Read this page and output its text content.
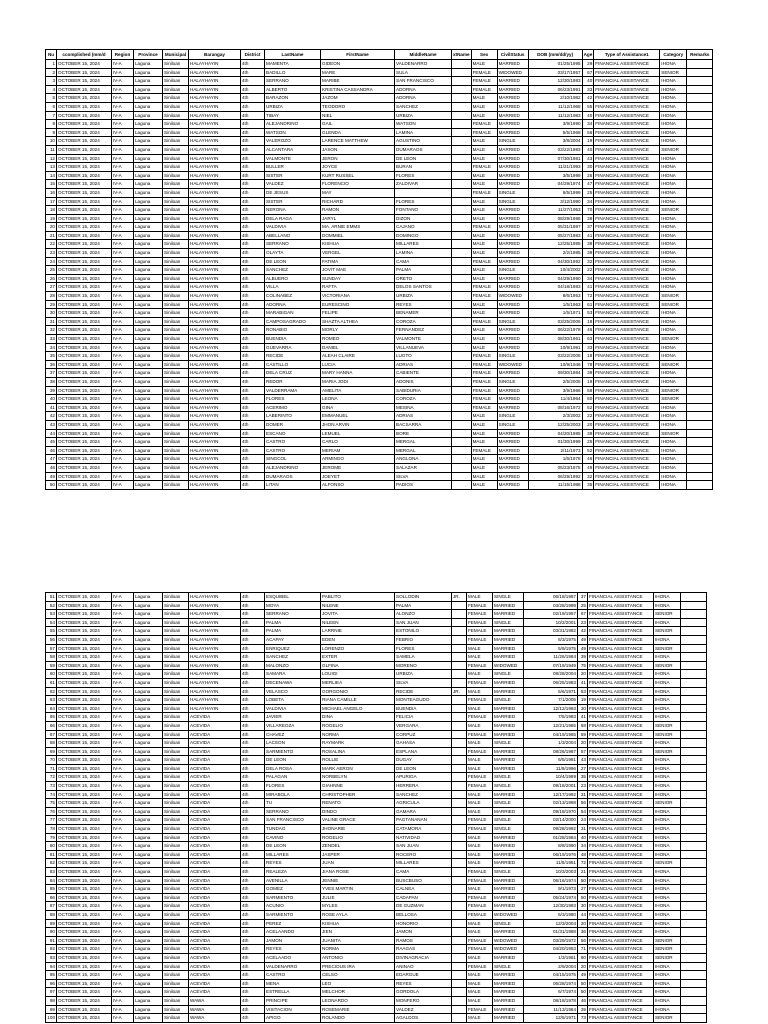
Nu	ccomplished (mm/d	Region	Province	Municipal	Barangay	District	LastName	FirstName	MiddleName	xtName	Sex	CivilStatus	DOB (mm/dd/yy)	Age	Type of Assistance1	Category	Remarks
1	OCTOBER 15, 2024	IV-A	Laguna	Siniloan	HALAYHAYIN	4th	MAMENTA	GIDEON	VALDENARRO		MALE	MARRIED	01/25/1995	29	FINANCIAL ASSISTANCE	IHONA	
2	OCTOBER 15, 2024	IV-A	Laguna	Siniloan	HALAYHAYIN	4th	BADILLO	MARE	SULA		FEMALE	WIDOWED	03/17/1957	67	FINANCIAL ASSISTANCE	SENIOR	
3	OCTOBER 15, 2024	IV-A	Laguna	Siniloan	HALAYHAYIN	4th	SERRANO	MARIBE	SAN FRANCISCO		FEMALE	MARRIED	12/30/1983	40	FINANCIAL ASSISTANCE	IHONA	
4	OCTOBER 15, 2024	IV-A	Laguna	Siniloan	HALAYHAYIN	4th	ALBERTO	KRISTINA CASSANDRA	ADORNA		FEMALE	MARRIED	06/23/1991	33	FINANCIAL ASSISTANCE	IHONA	
5	OCTOBER 15, 2024	IV-A	Laguna	Siniloan	HALAYHAYIN	4th	BARAZON	JAZOM	ADORNA		MALE	MARRIED	2/10/1982	42	FINANCIAL ASSISTANCE	IHONA	
6	OCTOBER 15, 2024	IV-A	Laguna	Siniloan	HALAYHAYIN	4th	URBIZA	TEODORO	SANCHEZ		MALE	MARRIED	11/12/1968	55	FINANCIAL ASSISTANCE	IHONA	
7	OCTOBER 15, 2024	IV-A	Laguna	Siniloan	HALAYHAYIN	4th	TIBAY	NIEL	URBIZA		MALE	MARRIED	11/12/1983	40	FINANCIAL ASSISTANCE	IHONA	
8	OCTOBER 15, 2024	IV-A	Laguna	Siniloan	HALAYHAYIN	4th	ALEJANDRINO	GAIL	WATSON		FEMALE	MARRIED	3/9/1990	34	FINANCIAL ASSISTANCE	IHONA	
9	OCTOBER 15, 2024	IV-A	Laguna	Siniloan	HALAYHAYIN	4th	WATSON	GLENDA	LAMINA		FEMALE	MARRIED	5/5/1968	56	FINANCIAL ASSISTANCE	IHONA	
10	OCTOBER 15, 2024	IV-A	Laguna	Siniloan	HALAYHAYIN	4th	VALEROZO	LARENCE MATTHEW	AGUSTINO		MALE	SINGLE	3/8/2004	19	FINANCIAL ASSISTANCE	IHONA	
11	OCTOBER 15, 2024	IV-A	Laguna	Siniloan	HALAYHAYIN	4th	ALCANTARA	JASON	DUMARAOS		MALE	MARRIED	03/22/1983	40	FINANCIAL ASSISTANCE	SENIOR	
12	OCTOBER 15, 2024	IV-A	Laguna	Siniloan	HALAYHAYIN	4th	VALMONTE	JERON	DE LEON		MALE	MARRIED	07/30/1981	43	FINANCIAL ASSISTANCE	IHONA	
13	OCTOBER 15, 2024	IV-A	Laguna	Siniloan	HALAYHAYIN	4th	BULLER	JOYCE	BURAN		FEMALE	MARRIED	11/21/1993	30	FINANCIAL ASSISTANCE	IHONA	
14	OCTOBER 15, 2024	IV-A	Laguna	Siniloan	HALAYHAYIN	4th	SISTER	KURT RUSSEL	FLORES		MALE	MARRIED	3/5/1999	25	FINANCIAL ASSISTANCE	IHONA	
15	OCTOBER 15, 2024	IV-A	Laguna	Siniloan	HALAYHAYIN	4th	VALDEZ	FLORENCIO	ZALDIVAR		MALE	MARRIED	04/29/1974	47	FINANCIAL ASSISTANCE	IHONA	
16	OCTOBER 15, 2024	IV-A	Laguna	Siniloan	HALAYHAYIN	4th	DE JESUS	MAY			FEMALE	SINGLE	6/5/1999	25	FINANCIAL ASSISTANCE	IHONA	
17	OCTOBER 15, 2024	IV-A	Laguna	Siniloan	HALAYHAYIN	4th	SISTER	RICHARD	FLORES		MALE	SINGLE	3/12/1990	34	FINANCIAL ASSISTANCE	IHONA	
18	OCTOBER 15, 2024	IV-A	Laguna	Siniloan	HALAYHAYIN	4th	NERONA	RAMON	FONTANO		MALE	MARRIED	11/27/1953	70	FINANCIAL ASSISTANCE	SENIOR	
19	OCTOBER 15, 2024	IV-A	Laguna	Siniloan	HALAYHAYIN	4th	DELA RAGA	JARYL	DIZON		MALE	MARRIED	08/29/1986	38	FINANCIAL ASSISTANCE	IHONA	
20	OCTOBER 15, 2024	IV-A	Laguna	Siniloan	HALAYHAYIN	4th	VALDIVIA	MA. ARNIE EMMS	CAJANO		FEMALE	MARRIED	05/31/1987	37	FINANCIAL ASSISTANCE	IHONA	
21	OCTOBER 15, 2024	IV-A	Laguna	Siniloan	HALAYHAYIN	4th	ABELLANO	DOMMIEL	DOMINGO		MALE	MARRIED	05/27/1983	41	FINANCIAL ASSISTANCE	IHONA	
22	OCTOBER 15, 2024	IV-A	Laguna	Siniloan	HALAYHAYIN	4th	SERRANO	KISHUA	MILLARES		MALE	MARRIED	12/25/1985	38	FINANCIAL ASSISTANCE	IHONA	
23	OCTOBER 15, 2024	IV-A	Laguna	Siniloan	HALAYHAYIN	4th	OLAYTA	VERGEL	LAMINA		MALE	MARRIED	2/2/1985	39	FINANCIAL ASSISTANCE	IHONA	
24	OCTOBER 15, 2024	IV-A	Laguna	Siniloan	HALAYHAYIN	4th	DE LEON	FATIMA	CAMA		FEMALE	MARRIED	04/30/1992	32	FINANCIAL ASSISTANCE	IHONA	
25	OCTOBER 15, 2024	IV-A	Laguna	Siniloan	HALAYHAYIN	4th	SANCHEZ	JOVIT MAE	PALMA		MALE	SINGLE	10/4/2002	22	FINANCIAL ASSISTANCE	IHONA	
26	OCTOBER 15, 2024	IV-A	Laguna	Siniloan	HALAYHAYIN	4th	ALBUERO	SUNDAY	ORETO		MALE	MARRIED	04/29/1990	34	FINANCIAL ASSISTANCE	IHONA	
27	OCTOBER 15, 2024	IV-A	Laguna	Siniloan	HALAYHAYIN	4th	VILLA	RAFTA	DELOS SANTOS		FEMALE	MARRIED	04/18/1983	41	FINANCIAL ASSISTANCE	IHONA	
28	OCTOBER 15, 2024	IV-A	Laguna	Siniloan	HALAYHAYIN	4th	COLINABEZ	VICTORIANA	URBIZA		FEMALE	WIDOWED	8/6/1953	72	FINANCIAL ASSISTANCE	SENIOR	
29	OCTOBER 15, 2024	IV-A	Laguna	Siniloan	HALAYHAYIN	4th	ADORNA	EURESCINO	REYES		MALE	MARRIED	1/5/1963	61	FINANCIAL ASSISTANCE	SENIOR	
30	OCTOBER 15, 2024	IV-A	Laguna	Siniloan	HALAYHAYIN	4th	MARABIGAN	FELIPE	BENAMER		MALE	MARRIED	1/5/1971	53	FINANCIAL ASSISTANCE	IHONA	
31	OCTOBER 15, 2024	IV-A	Laguna	Siniloan	HALAYHAYIN	4th	CAMPOSAGRADO	SHAZTA ALTHEA	COROZA		FEMALE	SINGLE	03/25/2006	18	FINANCIAL ASSISTANCE	IHONA	
32	OCTOBER 15, 2024	IV-A	Laguna	Siniloan	HALAYHAYIN	4th	RONABIO	MORLY	FERNANDEZ		MALE	MARRIED	06/22/1978	46	FINANCIAL ASSISTANCE	IHONA	
33	OCTOBER 15, 2024	IV-A	Laguna	Siniloan	HALAYHAYIN	4th	BUENDIA	ROMEO	VALMONTE		MALE	MARRIED	08/30/1961	63	FINANCIAL ASSISTANCE	SENIOR	
34	OCTOBER 15, 2024	IV-A	Laguna	Siniloan	HALAYHAYIN	4th	GUEVARRA	DANIEL	VILLANUEVA		MALE	MARRIED	10/9/1991	33	FINANCIAL ASSISTANCE	IHONA	
35	OCTOBER 15, 2024	IV-A	Laguna	Siniloan	HALAYHAYIN	4th	RECIDE	ALEAH CLAIRE	LUGTO		FEMALE	SINGLE	03/22/2006	18	FINANCIAL ASSISTANCE	IHONA	
36	OCTOBER 15, 2024	IV-A	Laguna	Siniloan	HALAYHAYIN	4th	CASTILLO	LUCIA	ADRIAS		FEMALE	WIDOWED	10/9/1946	78	FINANCIAL ASSISTANCE	SENIOR	
37	OCTOBER 15, 2024	IV-A	Laguna	Siniloan	HALAYHAYIN	4th	DELA CRUZ	MARY HANNA	CABIENTE		FEMALE	MARRIED	09/30/1984	39	FINANCIAL ASSISTANCE	IHONA	
38	OCTOBER 15, 2024	IV-A	Laguna	Siniloan	HALAYHAYIN	4th	REDOR	MARIA JODI	ADONIS		FEMALE	SINGLE	2/5/2005	19	FINANCIAL ASSISTANCE	IHONA	
39	OCTOBER 15, 2024	IV-A	Laguna	Siniloan	HALAYHAYIN	4th	VALDERRAMA	AMELITA	SABIDURIA		FEMALE	MARRIED	3/9/1966	58	FINANCIAL ASSISTANCE	SENIOR	
40	OCTOBER 15, 2024	IV-A	Laguna	Siniloan	HALAYHAYIN	4th	FLORES	LEONA	COROZA		FEMALE	MARRIED	11/4/1964	60	FINANCIAL ASSISTANCE	SENIOR	
41	OCTOBER 15, 2024	IV-A	Laguna	Siniloan	HALAYHAYIN	4th	ACERIMO	GINA	MESINA		FEMALE	MARRIED	08/16/1972	52	FINANCIAL ASSISTANCE	IHONA	
42	OCTOBER 15, 2024	IV-A	Laguna	Siniloan	HALAYHAYIN	4th	LABERINTO	EMMANUEL	ADRIAS		MALE	SINGLE	2/3/2002	22	FINANCIAL ASSISTANCE	IHONA	
43	OCTOBER 15, 2024	IV-A	Laguna	Siniloan	HALAYHAYIN	4th	DOMER	JHON ARVIN	BACSARRA		MALE	SINGLE	12/25/2003	20	FINANCIAL ASSISTANCE	IHONA	
44	OCTOBER 15, 2024	IV-A	Laguna	Siniloan	HALAYHAYIN	4th	ESCANO	LEMUEL	BORE		MALE	MARRIED	04/20/1985	39	FINANCIAL ASSISTANCE	SENIOR	
45	OCTOBER 15, 2024	IV-A	Laguna	Siniloan	HALAYHAYIN	4th	CASTRO	CARLO	MERGAL		MALE	MARRIED	01/30/1999	25	FINANCIAL ASSISTANCE	IHONA	
46	OCTOBER 15, 2024	IV-A	Laguna	Siniloan	HALAYHAYIN	4th	CASTRO	MERIAM	MERGAL		FEMALE	MARRIED	2/11/1973	52	FINANCIAL ASSISTANCE	IHONA	
47	OCTOBER 15, 2024	IV-A	Laguna	Siniloan	HALAYHAYIN	4th	SINGCOL	ARMINGO	ANGLONA		MALE	MARRIED	1/6/1978	46	FINANCIAL ASSISTANCE	IHONA	
48	OCTOBER 15, 2024	IV-A	Laguna	Siniloan	HALAYHAYIN	4th	ALEJANDRINO	JEROME	SALAZAR		MALE	MARRIED	05/23/1975	49	FINANCIAL ASSISTANCE	IHONA	
49	OCTOBER 15, 2024	IV-A	Laguna	Siniloan	HALAYHAYIN	4th	DUMARAOS	JOEYET	SILVA		MALE	MARRIED	06/29/1992	32	FINANCIAL ASSISTANCE	IHONA	
50	OCTOBER 15, 2024	IV-A	Laguna	Siniloan	HALAYHAYIN	4th	LITAN	ALFONSO	PADIOS		MALE	MARRIED	11/15/1988	35	FINANCIAL ASSISTANCE	IHONA	
51	OCTOBER 15, 2024	IV-A	Laguna	Siniloan	HALAYHAYIN	4th	ESQUIBEL	PABLITO	SOLLODIN	JR.	MALE	SINGLE	06/18/1987	37	FINANCIAL ASSISTANCE	IHONA	
52	OCTOBER 15, 2024	IV-A	Laguna	Siniloan	HALAYHAYIN	4th	MOYA	NILENE	PALMA		FEMALE	MARRIED	03/28/1999	25	FINANCIAL ASSISTANCE	IHONA	
53	OCTOBER 15, 2024	IV-A	Laguna	Siniloan	HALAYHAYIN	4th	SERRANO	JOVITA	ALONZO		FEMALE	MARRIED	02/19/1957	67	FINANCIAL ASSISTANCE	SENIOR	
54	OCTOBER 15, 2024	IV-A	Laguna	Siniloan	HALAYHAYIN	4th	PALMA	NILEEN	SAN JUAN		FEMALE	SINGLE	10/2/2001	23	FINANCIAL ASSISTANCE	IHONA	
55	OCTOBER 15, 2024	IV-A	Laguna	Siniloan	HALAYHAYIN	4th	PALMA	LARRNIE	ESTONILO		FEMALE	MARRIED	03/31/1982	42	FINANCIAL ASSISTANCE	SENIOR	
56	OCTOBER 15, 2024	IV-A	Laguna	Siniloan	HALAYHAYIN	4th	ACAPAY	EDEN	FEBRIO		FEMALE	MARRIED	6/3/1975	49	FINANCIAL ASSISTANCE	IHONA	
57	OCTOBER 15, 2024	IV-A	Laguna	Siniloan	HALAYHAYIN	4th	ENRIQUEZ	LORENZO	FLORES		MALE	MARRIED	5/9/1975	49	FINANCIAL ASSISTANCE	SENIOR	
58	OCTOBER 15, 2024	IV-A	Laguna	Siniloan	HALAYHAYIN	4th	SANCHEZ	EXTER	SAMELA		MALE	MARRIED	11/26/1984	39	FINANCIAL ASSISTANCE	IHONA	
59	OCTOBER 15, 2024	IV-A	Laguna	Siniloan	HALAYHAYIN	4th	MALONZO	GLFINA	MORENO		FEMALE	WIDOWED	07/19/1949	75	FINANCIAL ASSISTANCE	SENIOR	
60	OCTOBER 15, 2024	IV-A	Laguna	Siniloan	HALAYHAYIN	4th	SAMARA	LOUIGI	URBIZA		MALE	SINGLE	08/28/2004	20	FINANCIAL ASSISTANCE	IHONA	
61	OCTOBER 15, 2024	IV-A	Laguna	Siniloan	HALAYHAYIN	4th	DECENAWA	MERLIEA	SILVA		FEMALE	MARRIED	06/25/1983	41	FINANCIAL ASSISTANCE	IHONA	
62	OCTOBER 15, 2024	IV-A	Laguna	Siniloan	HALAYHAYIN	4th	VELASCO	GORGONIO	RECIDE	JR.	MALE	MARRIED	5/6/1971	53	FINANCIAL ASSISTANCE	IHONA	
63	OCTOBER 15, 2024	IV-A	Laguna	Siniloan	HALAYHAYIN	4th	LOBETA	RIANA CAMILLE	MONTEAGUDO		FEMALE	SINGLE	7/1/2005	19	FINANCIAL ASSISTANCE	IHONA	
64	OCTOBER 15, 2024	IV-A	Laguna	Siniloan	HALAYHAYIN	4th	VALDIVIA	MICHAEL ANGELO	BUENDIA		MALE	MARRIED	12/12/1993	30	FINANCIAL ASSISTANCE	IHONA	
65	OCTOBER 15, 2024	IV-A	Laguna	Siniloan	ACEVIDA	4th	JAVIER	DINA	FELICIA		FEMALE	MARRIED	7/5/1983	41	FINANCIAL ASSISTANCE	IHONA	
66	OCTOBER 15, 2024	IV-A	Laguna	Siniloan	ACEVIDA	4th	VILLAREOZA	ROGELIO	VERGARA		MALE	MARRIED	12/21/1965	58	FINANCIAL ASSISTANCE	SENIOR	
67	OCTOBER 15, 2024	IV-A	Laguna	Siniloan	ACEVIDA	4th	CHAVEZ	NORMA	CORPUZ		FEMALE	MARRIED	04/19/1965	59	FINANCIAL ASSISTANCE	SENIOR	
68	OCTOBER 15, 2024	IV-A	Laguna	Siniloan	ACEVIDA	4th	LACSON	RAYMARK	GAHASA		MALE	SINGLE	1/3/2004	20	FINANCIAL ASSISTANCE	IHONA	
69	OCTOBER 15, 2024	IV-A	Laguna	Siniloan	ACEVIDA	4th	SARMIENTO	ROSALINA	ESPLANA		FEMALE	MARRIED	08/26/1967	57	FINANCIAL ASSISTANCE	SENIOR	
70	OCTOBER 15, 2024	IV-A	Laguna	Siniloan	ACEVIDA	4th	DE LEON	ROLLIE	DUGAY		MALE	MARRIED	6/5/1981	43	FINANCIAL ASSISTANCE	IHONA	
71	OCTOBER 15, 2024	IV-A	Laguna	Siniloan	ACEVIDA	4th	DELA ROSA	MARK AERON	DE LEON		MALE	MARRIED	11/9/1996	27	FINANCIAL ASSISTANCE	IHONA	
72	OCTOBER 15, 2024	IV-A	Laguna	Siniloan	ACEVIDA	4th	PALAGAN	NORBELYN	APURIGA		FEMALE	SINGLE	10/4/1989	35	FINANCIAL ASSISTANCE	IHONA	
73	OCTOBER 15, 2024	IV-A	Laguna	Siniloan	ACEVIDA	4th	FLORES	GIAHNNE	HERRERA		FEMALE	SINGLE	09/18/2001	23	FINANCIAL ASSISTANCE	IHONA	
74	OCTOBER 15, 2024	IV-A	Laguna	Siniloan	ACEVIDA	4th	MIRABOLA	CHRISTOPHER	SANCHEZ		MALE	MARRIED	12/17/1992	31	FINANCIAL ASSISTANCE	IHONA	
75	OCTOBER 15, 2024	IV-A	Laguna	Siniloan	ACEVIDA	4th	TU	RENATO	AGRICULA		MALE	SINGLE	02/13/1968	56	FINANCIAL ASSISTANCE	SENIOR	
76	OCTOBER 15, 2024	IV-A	Laguna	Siniloan	ACEVIDA	4th	SERRANO	DINDO	GAMARA		MALE	MARRIED	09/18/1970	54	FINANCIAL ASSISTANCE	IHONA	
77	OCTOBER 15, 2024	IV-A	Laguna	Siniloan	ACEVIDA	4th	SAN FRANCISCO	VALINE GRACE	PAGTANANAN		FEMALE	SINGLE	02/14/2000	24	FINANCIAL ASSISTANCE	IHONA	
78	OCTOBER 15, 2024	IV-A	Laguna	Siniloan	ACEVIDA	4th	TUNDAG	JHONARIE	CATAMORA		FEMALE	SINGLE	09/28/1992	31	FINANCIAL ASSISTANCE	IHONA	
79	OCTOBER 15, 2024	IV-A	Laguna	Siniloan	ACEVIDA	4th	CAVINO	ROGELIO	NATIVIDAD		MALE	MARRIED	01/28/1984	40	FINANCIAL ASSISTANCE	IHONA	
80	OCTOBER 15, 2024	IV-A	Laguna	Siniloan	ACEVIDA	4th	DE LEON	ZENDEL	SAN JUAN		MALE	MARRIED	8/8/1990	34	FINANCIAL ASSISTANCE	IHONA	
81	OCTOBER 15, 2024	IV-A	Laguna	Siniloan	ACEVIDA	4th	MILLARES	JASPER	ROCERO		MALE	MARRIED	06/19/1976	48	FINANCIAL ASSISTANCE	IHONA	
82	OCTOBER 15, 2024	IV-A	Laguna	Siniloan	ACEVIDA	4th	REYES	JUAN	MILLARES		MALE	MARRIED	11/5/1951	72	FINANCIAL ASSISTANCE	SENIOR	
83	OCTOBER 15, 2024	IV-A	Laguna	Siniloan	ACEVIDA	4th	REALEZA	JIANA ROSE	CAMA		FEMALE	SINGLE	10/3/2003	21	FINANCIAL ASSISTANCE	IHONA	
84	OCTOBER 15, 2024	IV-A	Laguna	Siniloan	ACEVIDA	4th	AVENILLA	JENNIE	BUSCBUSO		FEMALE	MARRIED	06/16/1974	50	FINANCIAL ASSISTANCE	IHONA	
85	OCTOBER 15, 2024	IV-A	Laguna	Siniloan	ACEVIDA	4th	GOMEZ	YVES MARTIN	CALNEA		MALE	MARRIED	9/1/1973	27	FINANCIAL ASSISTANCE	IHONA	
86	OCTOBER 15, 2024	IV-A	Laguna	Siniloan	ACEVIDA	4th	SARMIENTO	JULIE	CADAPAN		FEMALE	MARRIED	05/24/1974	50	FINANCIAL ASSISTANCE	IHONA	
87	OCTOBER 15, 2024	IV-A	Laguna	Siniloan	ACEVIDA	4th	ACUNIO	MYLES	DE GUZMAN		FEMALE	MARRIED	12/30/1993	30	FINANCIAL ASSISTANCE	IHONA	
88	OCTOBER 15, 2024	IV-A	Laguna	Siniloan	ACEVIDA	4th	SARMIENTO	ROSE AYLA	BELLOSA		FEMALE	WIDOWED	6/3/1980	44	FINANCIAL ASSISTANCE	IHONA	
89	OCTOBER 15, 2024	IV-A	Laguna	Siniloan	ACEVIDA	4th	PEREZ	KISHUA	HONORIO		MALE	SINGLE	12/3/2004	20	FINANCIAL ASSISTANCE	IHONA	
90	OCTOBER 15, 2024	IV-A	Laguna	Siniloan	ACEVIDA	4th	ACELAANDO	JIEN	JAMON		MALE	MARRIED	01/31/1988	36	FINANCIAL ASSISTANCE	IHONA	
91	OCTOBER 15, 2024	IV-A	Laguna	Siniloan	ACEVIDA	4th	JAMON	JUANITA	RAMOS		FEMALE	WIDOWED	03/29/1972	56	FINANCIAL ASSISTANCE	SENIOR	
92	OCTOBER 15, 2024	IV-A	Laguna	Siniloan	ACEVIDA	4th	REYES	NORMA	RAAGAS		FEMALE	WIDOWED	04/20/1953	71	FINANCIAL ASSISTANCE	SENIOR	
93	OCTOBER 15, 2024	IV-A	Laguna	Siniloan	ACEVIDA	4th	ACELAADO	ANTONIO	DIVINAGRACIA		MALE	MARRIED	1/3/1961	60	FINANCIAL ASSISTANCE	SENIOR	
94	OCTOBER 15, 2024	IV-A	Laguna	Siniloan	ACEVIDA	4th	VALDENARRO	PRECIOUS IRA	ANINAO		FEMALE	SINGLE	2/9/2004	20	FINANCIAL ASSISTANCE	IHONA	
95	OCTOBER 15, 2024	IV-A	Laguna	Siniloan	ACEVIDA	4th	CASTRO	CELSO	EDARGUE		MALE	MARRIED	04/15/1975	49	FINANCIAL ASSISTANCE	IHONA	
96	OCTOBER 15, 2024	IV-A	Laguna	Siniloan	ACEVIDA	4th	MENA	LEO	REYES		MALE	MARRIED	06/28/1974	50	FINANCIAL ASSISTANCE	IHONA	
97	OCTOBER 15, 2024	IV-A	Laguna	Siniloan	ACEVIDA	4th	ESTRELLA	MELCHOR	GORDOLA		MALE	MARRIED	6/7/1974	50	FINANCIAL ASSISTANCE	IHONA	
98	OCTOBER 15, 2024	IV-A	Laguna	Siniloan	WAWA	4th	PRINCIPE	LEONARDO	MONFERO		MALE	MARRIED	08/18/1978	46	FINANCIAL ASSISTANCE	IHONA	
99	OCTOBER 15, 2024	IV-A	Laguna	Siniloan	WAWA	4th	VISITACION	ROSEMARIE	VALDEZ		FEMALE	MARRIED	11/13/1984	39	FINANCIAL ASSISTANCE	IHONA	
100	OCTOBER 15, 2024	IV-A	Laguna	Siniloan	WAWA	4th	APIGO	ROLANDO	AGALDOS		MALE	MARRIED	12/5/1971	73	FINANCIAL ASSISTANCE	SENIOR	
